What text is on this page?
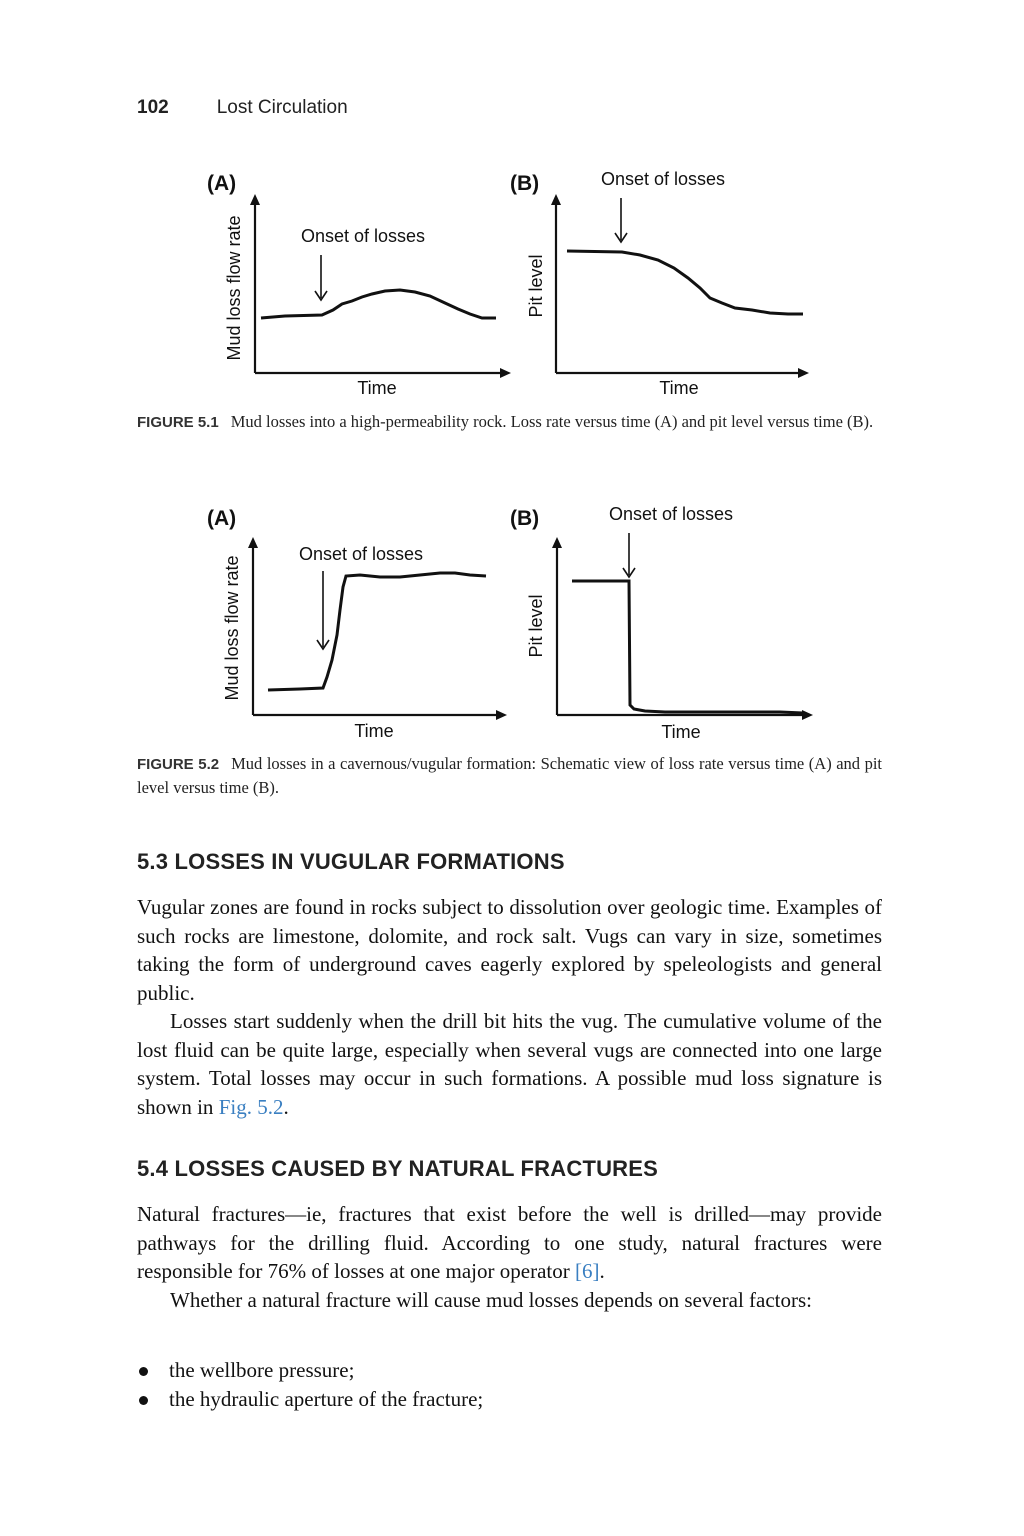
102	Lost Circulation
(A)
Mud loss flow rate
Time
Onset of losses
(B)
Pit level
Time
Onset of losses
FIGURE 5.1 Mud losses into a high-permeability rock. Loss rate versus time (A) and pit level versus time (B).
(A)
Mud loss flow rate
Time
Onset of losses
(B)
Pit level
Time
Onset of losses
FIGURE 5.2 Mud losses in a cavernous/vugular formation: Schematic view of loss rate versus time (A) and pit level versus time (B).
5.3 LOSSES IN VUGULAR FORMATIONS

Vugular zones are found in rocks subject to dissolution over geologic time. Examples of such rocks are limestone, dolomite, and rock salt. Vugs can vary in size, sometimes taking the form of underground caves eagerly explored by speleologists and general public.

Losses start suddenly when the drill bit hits the vug. The cumulative volume of the lost fluid can be quite large, especially when several vugs are connected into one large system. Total losses may occur in such formations. A possible mud loss signature is shown in Fig. 5.2.

5.4 LOSSES CAUSED BY NATURAL FRACTURES

Natural fractures—ie, fractures that exist before the well is drilled—may provide pathways for the drilling fluid. According to one study, natural fractures were responsible for 76% of losses at one major operator [6].

Whether a natural fracture will cause mud losses depends on several factors:

the wellbore pressure;
the hydraulic aperture of the fracture;
